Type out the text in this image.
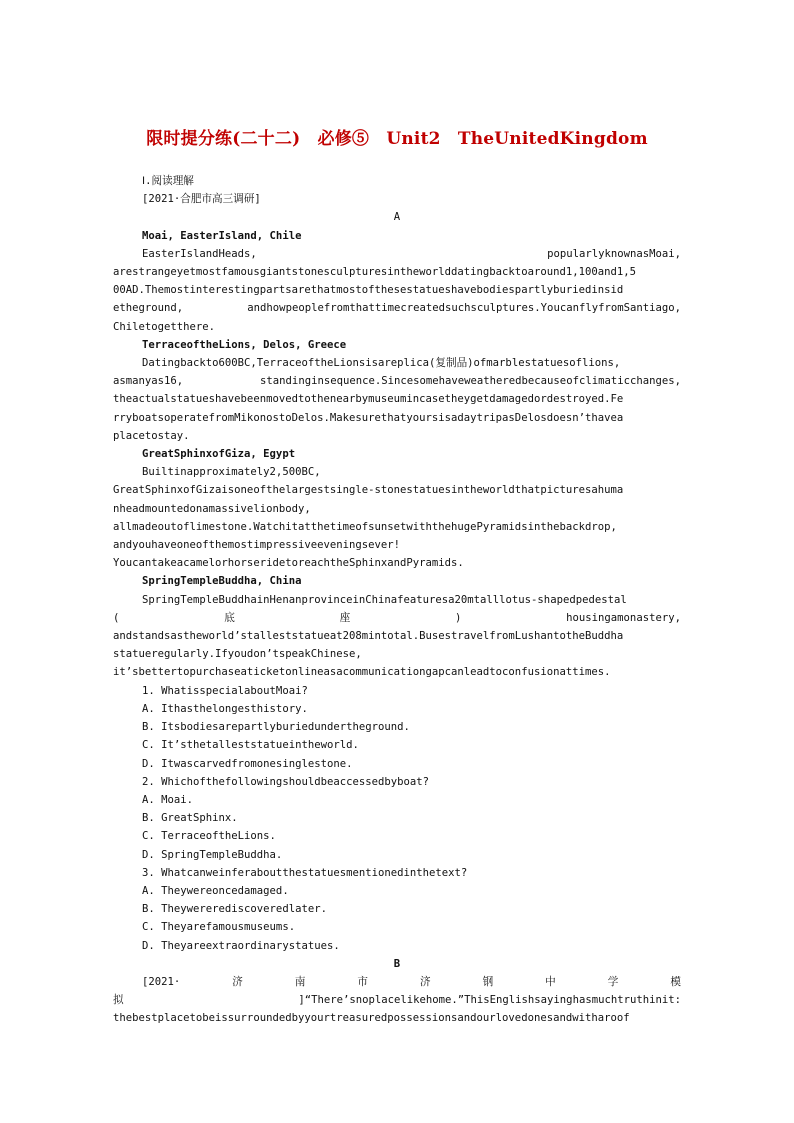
限时提分练(二十二)　必修⑤　Unit2　TheUnitedKingdom
Ⅰ.阅读理解
[2021·合肥市高三调研]
A
Moai, EasterIsland, Chile
EasterIslandHeads,	popularlyknownasMoai,
arestrangeyetmostfamousgiantstonesculpturesintheworlddatingbacktoaround1,100and1,5
00AD.Themostinterestingpartsarethatmostofthesestatueshavebodiespartlyburiedinsid
etheground,	andhowpeoplefromthattimecreatedsuchsculptures.YoucanflyfromSantiago,
Chiletogetthere.
TerraceoftheLions, Delos, Greece
Datingbackto600BC,TerraceoftheLionsisareplica(复制品)ofmarblestatuesoflions,
asmanyas16,	standinginsequence.Sincesomehaveweatheredbecauseofclimaticchanges,
theactualstatueshavebeenmovedtothenearbymuseumincasetheygetdamagedordestroyed.Fe
rryboatsoperatefromMikonostoDelos.MakesurethatyoursisadaytripasDelosdoesn’thavea
placetostay.
GreatSphinxofGiza, Egypt
Builtinapproximately2,500BC,
GreatSphinxofGizaisoneofthelargestsingle-stonestatuesintheworldthatpicturesahuma
nheadmountedonamassivelionbody,
allmadeoutoflimestone.WatchitatthetimeofsunsetwiththehugePyramidsinthebackdrop,
andyouhaveoneofthemostimpressiveeveningsever!
YoucantakeacamelorhorseridetoreachtheSphinxandPyramids.
SpringTempleBuddha, China
SpringTempleBuddhainHenanprovinceinChinafeaturesa20mtalllotus-shapedpedestal
(	底	座	)	housingamonastery,
andstandsastheworld’stalleststatueat208mintotal.BusestravelfromLushantotheBuddha
statueregularly.Ifyoudon’tspeakChinese,
it’sbettertopurchaseaticketonlineasacommunicationgapcanleadtoconfusionattimes.
1. WhatisspecialaboutMoai?
A. Ithasthelongesthistory.
B. Itsbodiesarepartlyburiedundertheground.
C. It’sthetalleststatueintheworld.
D. Itwascarvedfromonesinglestone.
2. Whichofthefollowingshouldbeaccessedbyboat?
A. Moai.
B. GreatSphinx.
C. TerraceoftheLions.
D. SpringTempleBuddha.
3. Whatcanweinferaboutthestatuesmentionedinthetext?
A. Theywereoncedamaged.
B. Theywererediscoveredlater.
C. Theyarefamousmuseums.
D. Theyareextraordinarystatues.
B
[2021·	济	南	市	济	钢	中	学	模
拟	]“There’snoplacelikehome.”ThisEnglishsayinghasmuchtruthinit:
thebestplacetobeissurroundedbyyourtreasuredpossessionsandourlovedonesandwitharoof
